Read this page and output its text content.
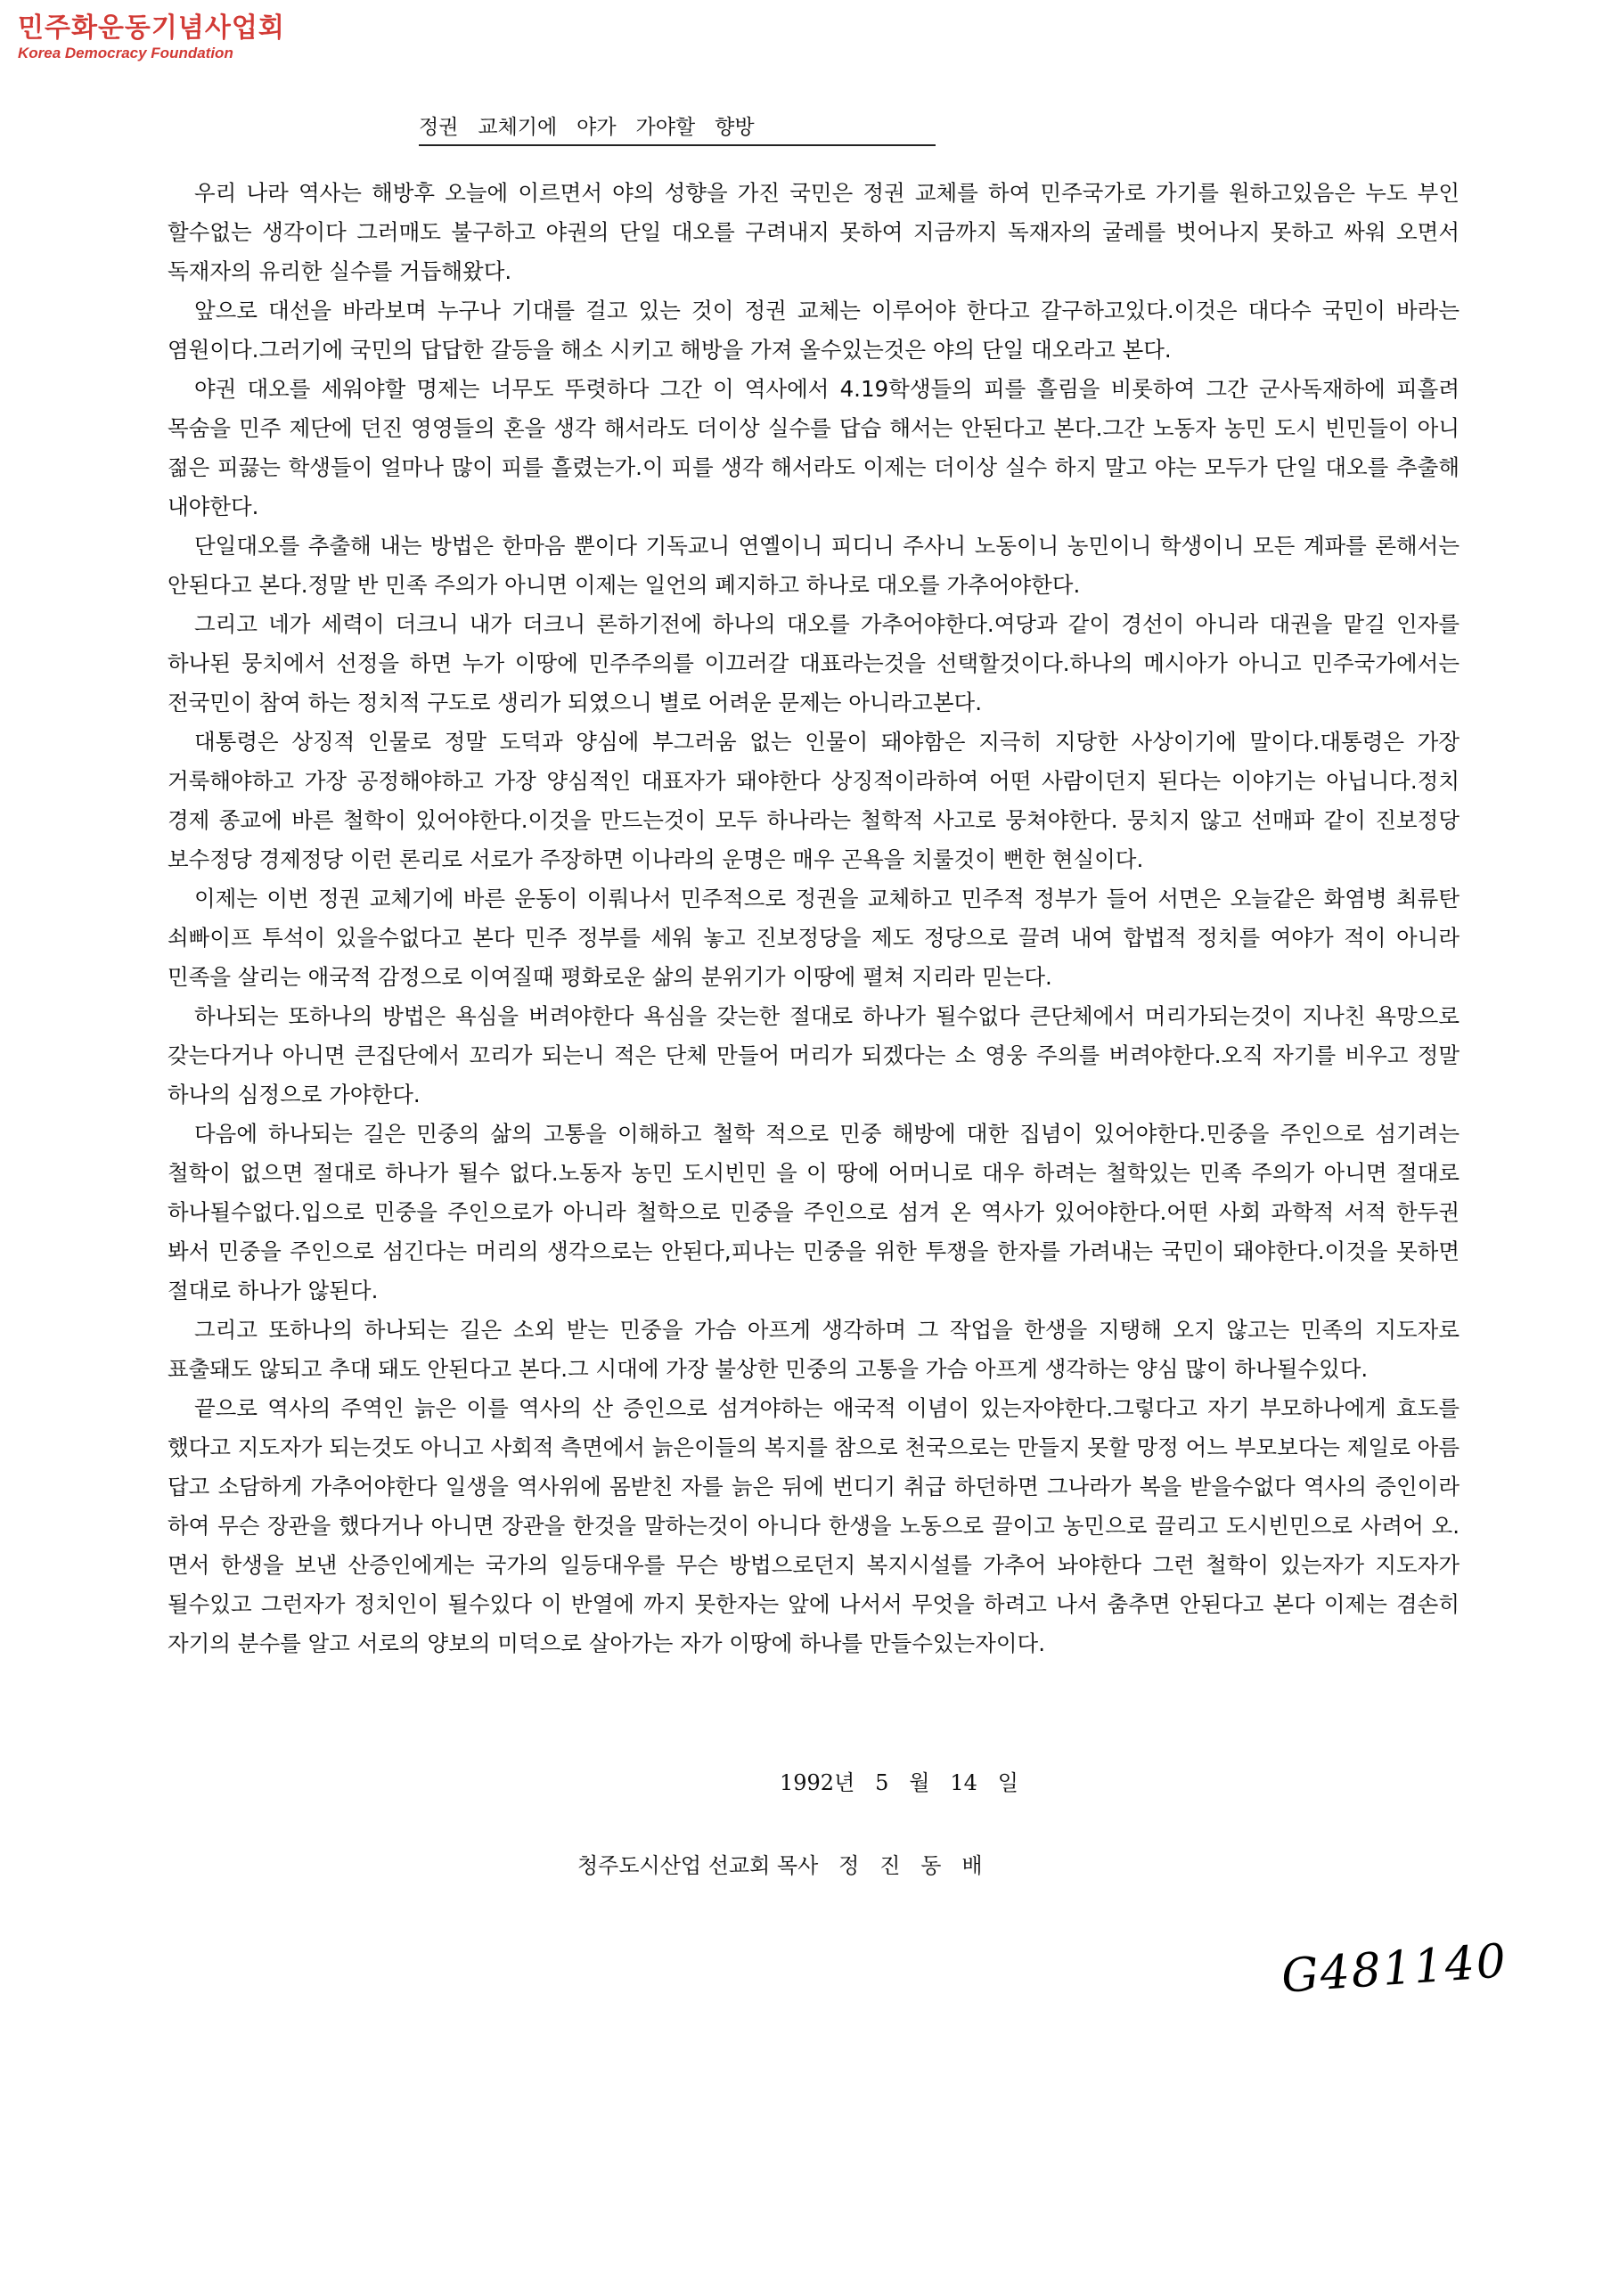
민주화운동기념사업회
Korea Democracy Foundation
정권   교체기에   야가   가야할   향방

우리 나라 역사는 해방후 오늘에 이르면서 야의 성향을 가진 국민은 정권 교체를 하여 민주국가로 가기를 원하고있음은 누도 부인 할수없는 생각이다 그러매도 불구하고 야권의 단일 대오를 구려내지 못하여 지금까지 독재자의 굴레를 벗어나지 못하고 싸워 오면서 독재자의 유리한 실수를 거듭해왔다.

앞으로 대선을 바라보며 누구나 기대를 걸고 있는 것이 정권 교체는 이루어야 한다고 갈구하고있다.이것은 대다수 국민이 바라는 염원이다.그러기에 국민의 답답한 갈등을 해소 시키고 해방을 가져 올수있는것은 야의 단일 대오라고 본다.

야권 대오를 세워야할 명제는 너무도 뚜렷하다 그간 이 역사에서 4.19학생들의 피를 흘림을 비롯하여 그간 군사독재하에 피흘려 목숨을 민주 제단에 던진 영영들의 혼을 생각 해서라도 더이상 실수를 답습 해서는 안된다고 본다.그간 노동자 농민 도시 빈민들이 아니 젊은 피끓는 학생들이 얼마나 많이 피를 흘렸는가.이 피를 생각 해서라도 이제는 더이상 실수 하지 말고 야는 모두가 단일 대오를 추출해 내야한다.

단일대오를 추출해 내는 방법은 한마음 뿐이다 기독교니 연옐이니 피디니 주사니 노동이니 농민이니 학생이니 모든 계파를 론해서는 안된다고 본다.정말 반 민족 주의가 아니면 이제는 일언의 폐지하고 하나로 대오를 가추어야한다.

그리고 네가 세력이 더크니 내가 더크니 론하기전에 하나의 대오를 가추어야한다.여당과 같이 경선이 아니라 대권을 맡길 인자를 하나된 뭉치에서 선정을 하면 누가 이땅에 민주주의를 이끄러갈 대표라는것을 선택할것이다.하나의 메시아가 아니고 민주국가에서는 전국민이 참여 하는 정치적 구도로 생리가 되였으니 별로 어려운 문제는 아니라고본다.

대통령은 상징적 인물로 정말 도덕과 양심에 부그러움 없는 인물이 돼야함은 지극히 지당한 사상이기에 말이다.대통령은 가장 거룩해야하고 가장 공정해야하고 가장 양심적인 대표자가 돼야한다 상징적이라하여 어떤 사람이던지 된다는 이야기는 아닙니다.정치 경제 종교에 바른 철학이 있어야한다.이것을 만드는것이 모두 하나라는 철학적 사고로 뭉쳐야한다. 뭉치지 않고 선매파 같이 진보정당 보수정당 경제정당 이런 론리로 서로가 주장하면 이나라의 운명은 매우 곤욕을 치룰것이 뻔한 현실이다.

이제는 이번 정권 교체기에 바른 운동이 이뤄나서 민주적으로 정권을 교체하고 민주적 정부가 들어 서면은 오늘같은 화염병 최류탄 쇠빠이프 투석이 있을수없다고 본다 민주 정부를 세워 놓고 진보정당을 제도 정당으로 끌려 내여 합법적 정치를 여야가 적이 아니라 민족을 살리는 애국적 감정으로 이여질때 평화로운 삶의 분위기가 이땅에 펼쳐 지리라 믿는다.

하나되는 또하나의 방법은 욕심을 버려야한다 욕심을 갖는한 절대로 하나가 될수없다 큰단체에서 머리가되는것이 지나친 욕망으로 갖는다거나 아니면 큰집단에서 꼬리가 되는니 적은 단체 만들어 머리가 되겠다는 소 영웅 주의를 버려야한다.오직 자기를 비우고 정말 하나의 심정으로 가야한다.

다음에 하나되는 길은 민중의 삶의 고통을 이해하고 철학 적으로 민중 해방에 대한 집념이 있어야한다.민중을 주인으로 섬기려는 철학이 없으면 절대로 하나가 될수 없다.노동자 농민 도시빈민 을 이 땅에 어머니로 대우 하려는 철학있는 민족 주의가 아니면 절대로 하나될수없다.입으로 민중을 주인으로가 아니라 철학으로 민중을 주인으로 섬겨 온 역사가 있어야한다.어떤 사회 과학적 서적 한두권 봐서 민중을 주인으로 섬긴다는 머리의 생각으로는 안된다,피나는 민중을 위한 투쟁을 한자를 가려내는 국민이 돼야한다.이것을 못하면 절대로 하나가 않된다.

그리고 또하나의 하나되는 길은 소외 받는 민중을 가슴 아프게 생각하며 그 작업을 한생을 지탱해 오지 않고는 민족의 지도자로 표출돼도 않되고 추대 돼도 안된다고 본다.그 시대에 가장 불상한 민중의 고통을 가슴 아프게 생각하는 양심 많이 하나될수있다.

끝으로 역사의 주역인 늙은 이를 역사의 산 증인으로 섬겨야하는 애국적 이념이 있는자야한다.그렇다고 자기 부모하나에게 효도를 했다고 지도자가 되는것도 아니고 사회적 측면에서 늙은이들의 복지를 참으로 천국으로는 만들지 못할 망정 어느 부모보다는 제일로 아름 답고 소담하게 가추어야한다 일생을 역사위에 몸받친 자를 늙은 뒤에 번디기 취급 하던하면 그나라가 복을 받을수없다 역사의 증인이라 하여 무슨 장관을 했다거나 아니면 장관을 한것을 말하는것이 아니다 한생을 노동으로 끌이고 농민으로 끌리고 도시빈민으로 사려어 오.면서 한생을 보낸 산증인에게는 국가의 일등대우를 무슨 방법으로던지 복지시설를 가추어 놔야한다 그런 철학이 있는자가 지도자가 될수있고 그런자가 정치인이 될수있다 이 반열에 까지 못한자는 앞에 나서서 무엇을 하려고 나서 춤추면 안된다고 본다 이제는 겸손히 자기의 분수를 알고 서로의 양보의 미덕으로 살아가는 자가 이땅에 하나를 만들수있는자이다.

1992년   5   월   14   일
청주도시산업 선교회 목사   정   진   동   배
G481140
